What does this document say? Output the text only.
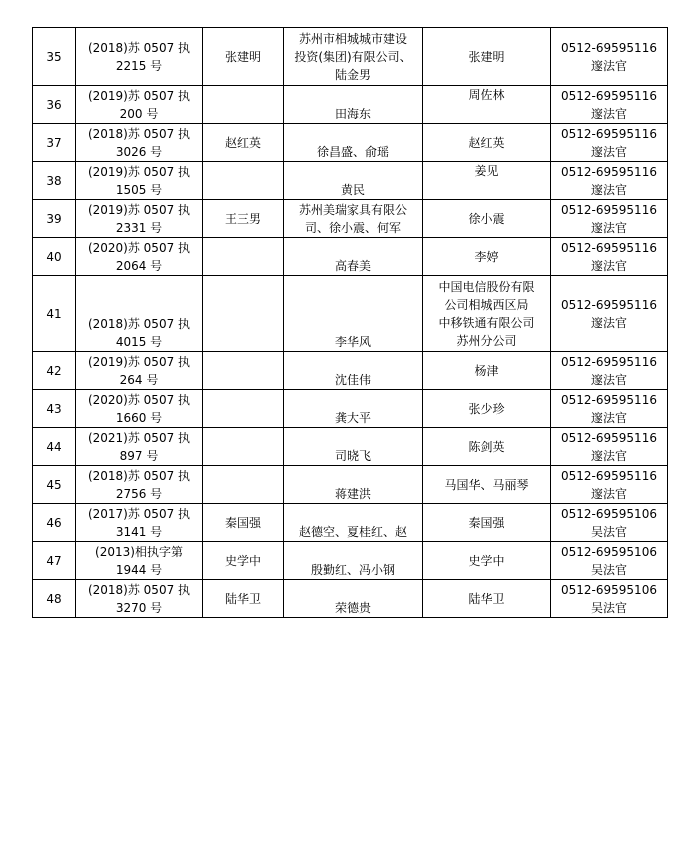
35	(2018)苏 0507 执
2215 号	张建明	苏州市相城城市建设
投资(集团)有限公司、
陆金男	张建明	0512-69595116
邃法官
36	(2019)苏 0507 执
200 号		田海东	周佐林	0512-69595116
邃法官
37	(2018)苏 0507 执
3026 号	赵红英	徐昌盛、俞瑶	赵红英	0512-69595116
邃法官
38	(2019)苏 0507 执
1505 号		黄民	姜见	0512-69595116
邃法官
39	(2019)苏 0507 执
2331 号	王三男	苏州美瑞家具有限公
司、徐小震、何军	徐小震	0512-69595116
邃法官
40	(2020)苏 0507 执
2064 号		高春美	李婷	0512-69595116
邃法官
41	(2018)苏 0507 执
4015 号		李华风	中国电信股份有限
公司相城西区局
中移铁通有限公司
苏州分公司	0512-69595116
邃法官
42	(2019)苏 0507 执
264 号		沈佳伟	杨津	0512-69595116
邃法官
43	(2020)苏 0507 执
1660 号		龚大平	张少珍	0512-69595116
邃法官
44	(2021)苏 0507 执
897 号		司晓飞	陈剑英	0512-69595116
邃法官
45	(2018)苏 0507 执
2756 号		蒋建洪	马国华、马丽琴	0512-69595116
邃法官
46	(2017)苏 0507 执
3141 号	秦国强	赵德空、夏桂红、赵	秦国强	0512-69595106
吴法官
47	(2013)相执字第
1944 号	史学中	殷勤红、冯小钢	史学中	0512-69595106
吴法官
48	(2018)苏 0507 执
3270 号	陆华卫	荣德贵	陆华卫	0512-69595106
吴法官
